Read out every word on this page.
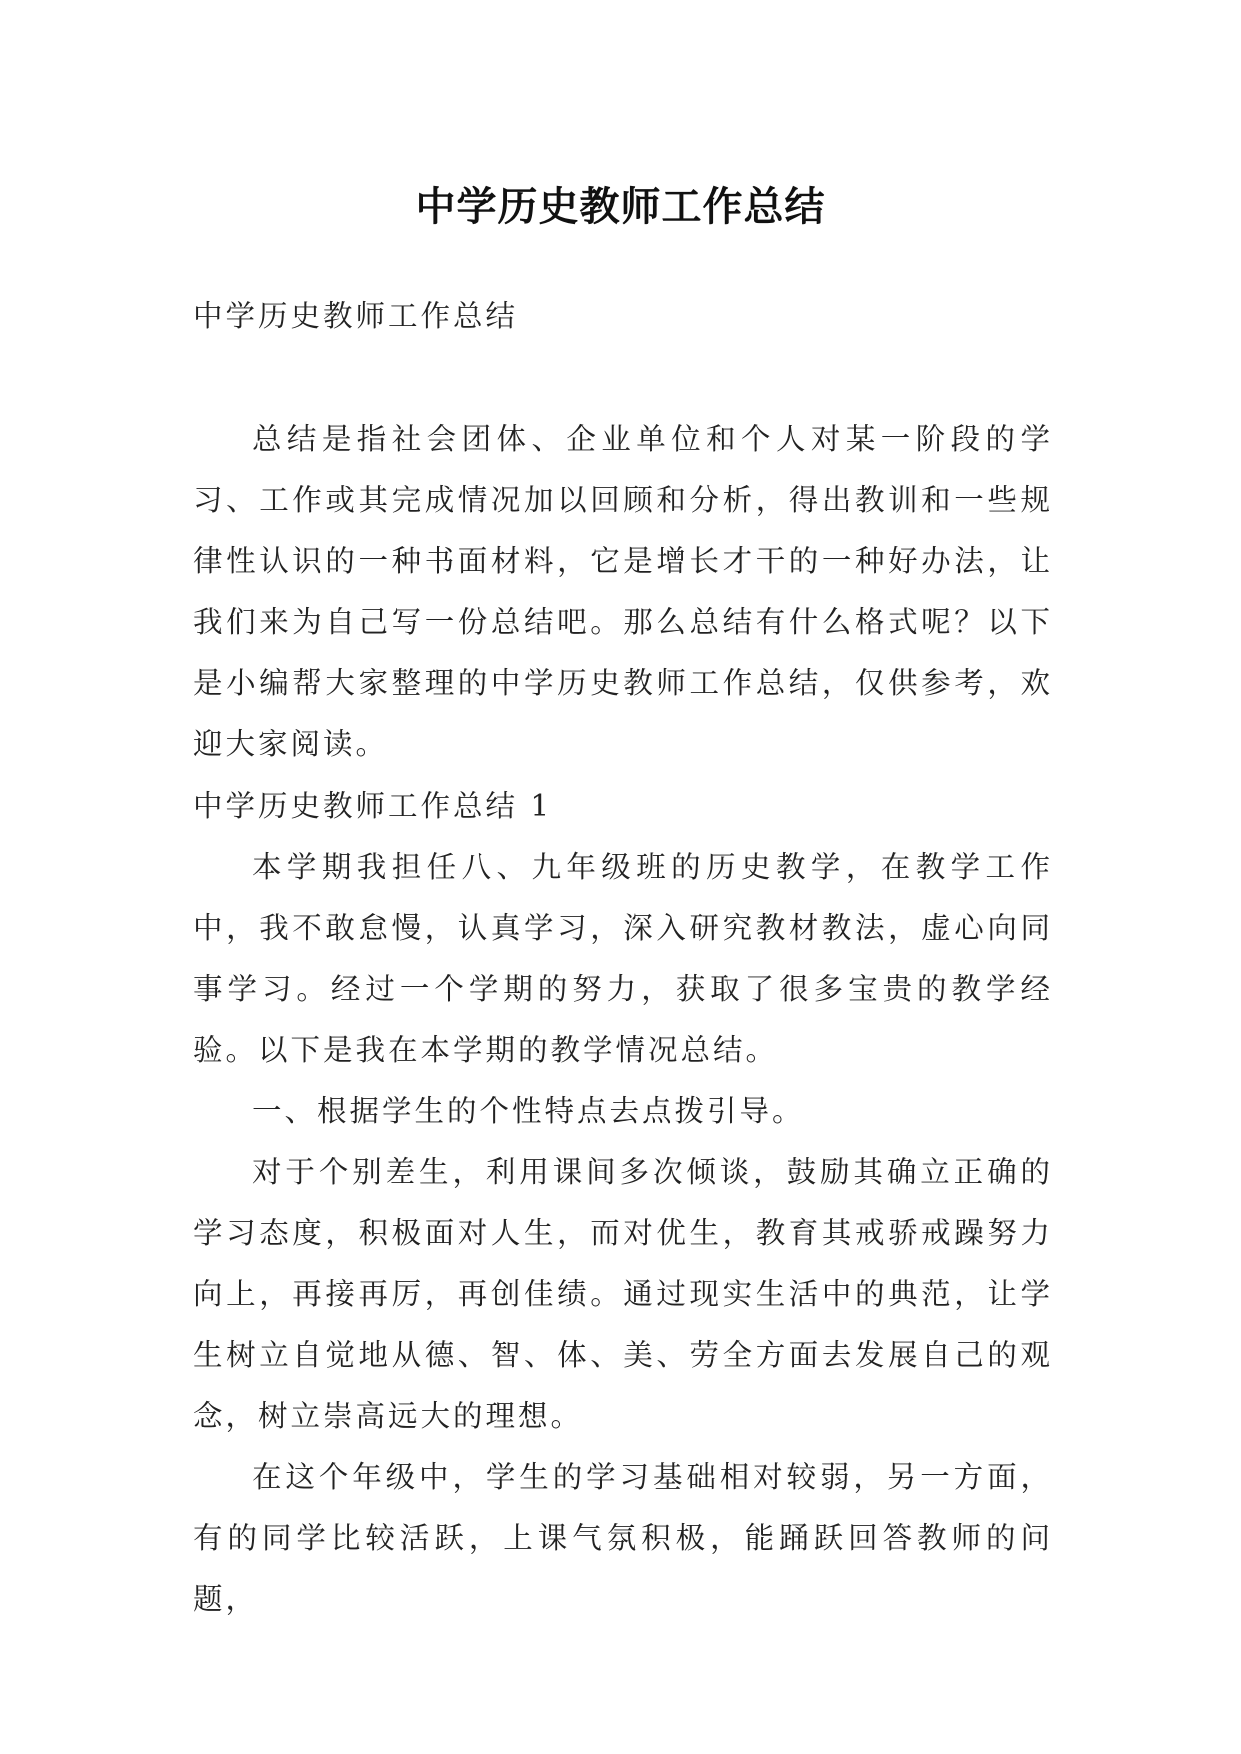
中学历史教师工作总结

中学历史教师工作总结

总结是指社会团体、企业单位和个人对某一阶段的学习、工作或其完成情况加以回顾和分析，得出教训和一些规律性认识的一种书面材料，它是增长才干的一种好办法，让我们来为自己写一份总结吧。那么总结有什么格式呢？以下是小编帮大家整理的中学历史教师工作总结，仅供参考，欢迎大家阅读。

中学历史教师工作总结 1

本学期我担任八、九年级班的历史教学，在教学工作中，我不敢怠慢，认真学习，深入研究教材教法，虚心向同事学习。经过一个学期的努力，获取了很多宝贵的教学经验。以下是我在本学期的教学情况总结。

一、根据学生的个性特点去点拨引导。

对于个别差生，利用课间多次倾谈，鼓励其确立正确的学习态度，积极面对人生，而对优生，教育其戒骄戒躁努力向上，再接再厉，再创佳绩。通过现实生活中的典范，让学生树立自觉地从德、智、体、美、劳全方面去发展自己的观念，树立崇高远大的理想。

在这个年级中，学生的学习基础相对较弱，另一方面，有的同学比较活跃，上课气氛积极，能踊跃回答教师的问题，
